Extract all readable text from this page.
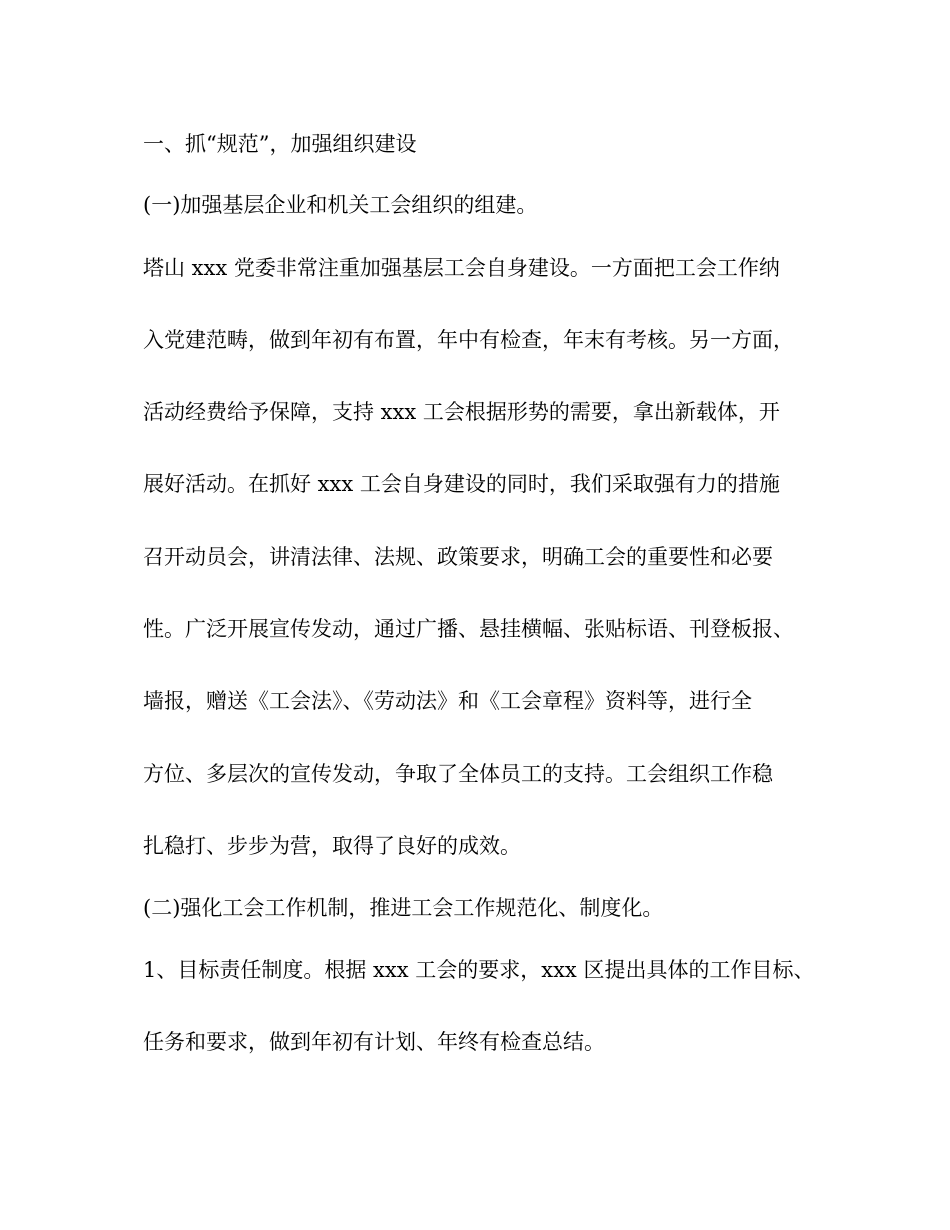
一、抓“规范”，加强组织建设

(一)加强基层企业和机关工会组织的组建。

塔山 xxx 党委非常注重加强基层工会自身建设。一方面把工会工作纳

入党建范畴，做到年初有布置，年中有检查，年末有考核。另一方面，

活动经费给予保障，支持 xxx 工会根据形势的需要，拿出新载体，开

展好活动。在抓好 xxx 工会自身建设的同时，我们采取强有力的措施

召开动员会，讲清法律、法规、政策要求，明确工会的重要性和必要

性。广泛开展宣传发动，通过广播、悬挂横幅、张贴标语、刊登板报、

墙报，赠送《工会法》、《劳动法》和《工会章程》资料等，进行全

方位、多层次的宣传发动，争取了全体员工的支持。工会组织工作稳

扎稳打、步步为营，取得了良好的成效。

(二)强化工会工作机制，推进工会工作规范化、制度化。

1、目标责任制度。根据 xxx 工会的要求，xxx 区提出具体的工作目标、

任务和要求，做到年初有计划、年终有检查总结。
